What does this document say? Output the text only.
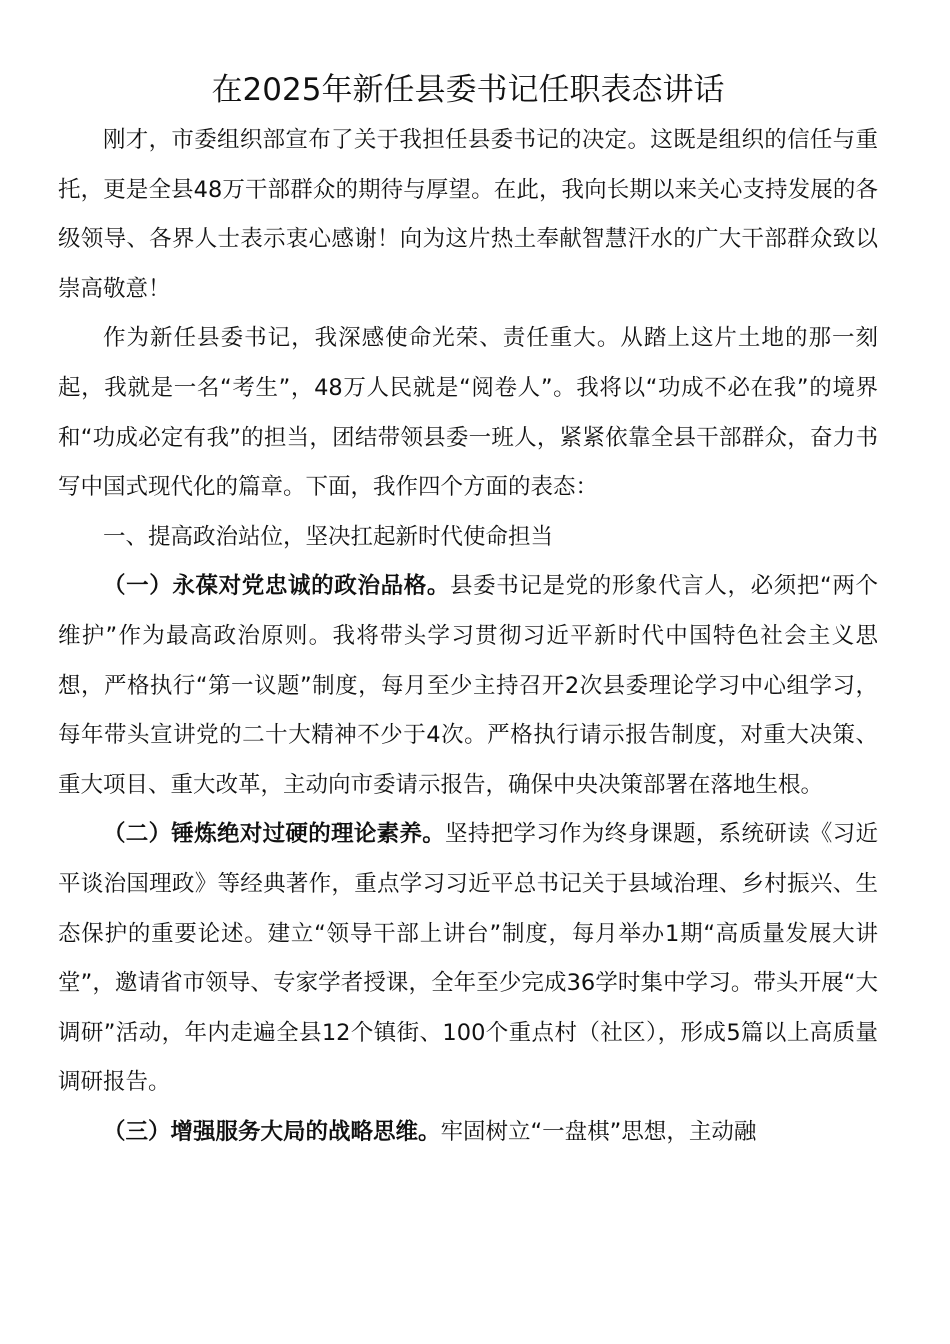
在2025年新任县委书记任职表态讲话

刚才，市委组织部宣布了关于我担任县委书记的决定。这既是组织的信任与重托，更是全县48万干部群众的期待与厚望。在此，我向长期以来关心支持发展的各级领导、各界人士表示衷心感谢！向为这片热土奉献智慧汗水的广大干部群众致以崇高敬意！

作为新任县委书记，我深感使命光荣、责任重大。从踏上这片土地的那一刻起，我就是一名“考生”，48万人民就是“阅卷人”。我将以“功成不必在我”的境界和“功成必定有我”的担当，团结带领县委一班人，紧紧依靠全县干部群众，奋力书写中国式现代化的篇章。下面，我作四个方面的表态：

一、提高政治站位，坚决扛起新时代使命担当

（一）永葆对党忠诚的政治品格。县委书记是党的形象代言人，必须把“两个维护”作为最高政治原则。我将带头学习贯彻习近平新时代中国特色社会主义思想，严格执行“第一议题”制度，每月至少主持召开2次县委理论学习中心组学习，每年带头宣讲党的二十大精神不少于4次。严格执行请示报告制度，对重大决策、重大项目、重大改革，主动向市委请示报告，确保中央决策部署在落地生根。

（二）锤炼绝对过硬的理论素养。坚持把学习作为终身课题，系统研读《习近平谈治国理政》等经典著作，重点学习习近平总书记关于县域治理、乡村振兴、生态保护的重要论述。建立“领导干部上讲台”制度，每月举办1期“高质量发展大讲堂”，邀请省市领导、专家学者授课，全年至少完成36学时集中学习。带头开展“大调研”活动，年内走遍全县12个镇街、100个重点村（社区），形成5篇以上高质量调研报告。

（三）增强服务大局的战略思维。牢固树立“一盘棋”思想，主动融
